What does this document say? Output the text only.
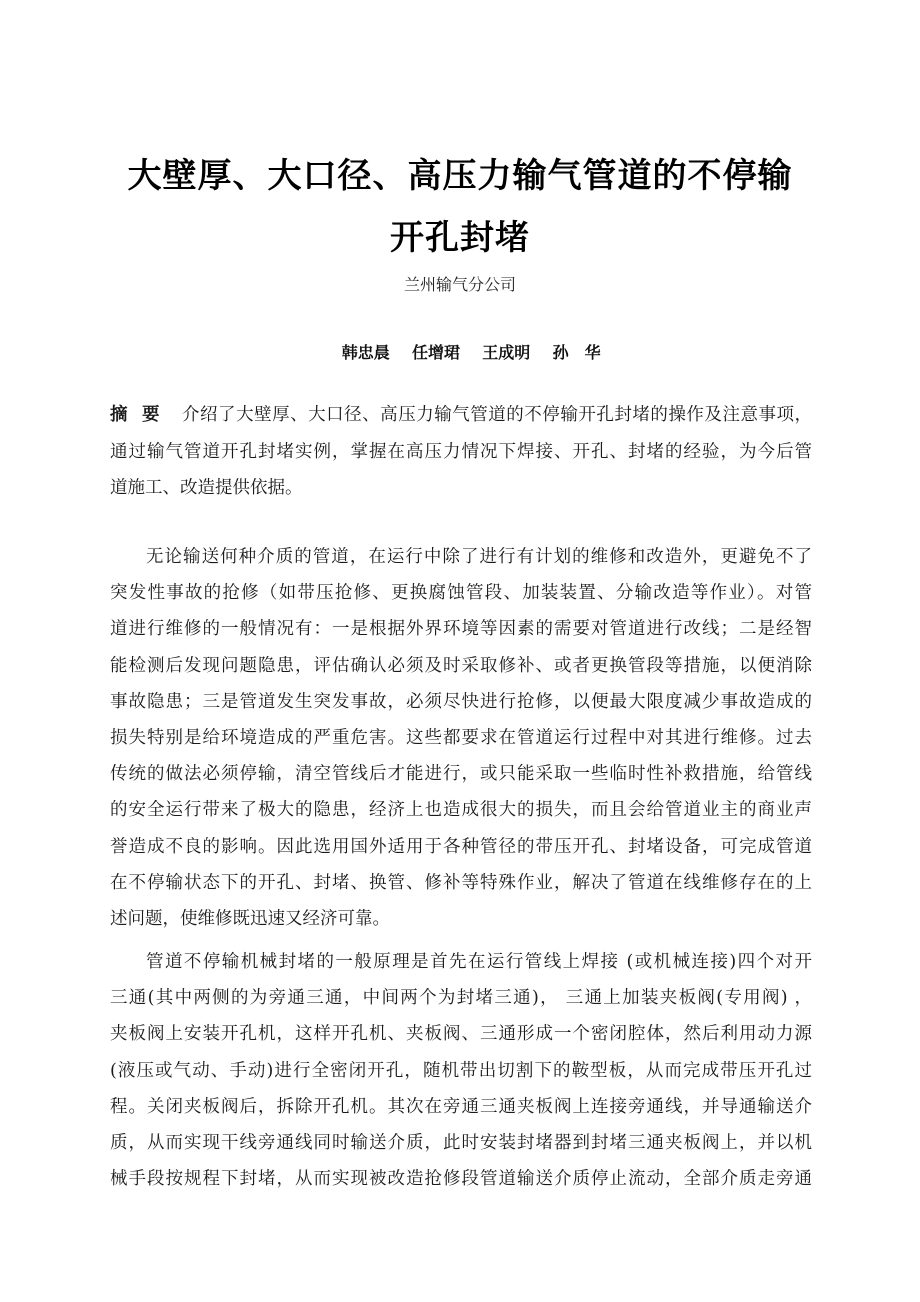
大壁厚、大口径、高压力输气管道的不停输
开孔封堵
兰州输气分公司

韩忠晨 任增珺 王成明 孙　华

摘要 介绍了大壁厚、大口径、高压力输气管道的不停输开孔封堵的操作及注意事项，
通过输气管道开孔封堵实例，掌握在高压力情况下焊接、开孔、封堵的经验，为今后管
道施工、改造提供依据。
无论输送何种介质的管道，在运行中除了进行有计划的维修和改造外，更避免不了
突发性事故的抢修（如带压抢修、更换腐蚀管段、加装装置、分输改造等作业）。对管
道进行维修的一般情况有：一是根据外界环境等因素的需要对管道进行改线；二是经智
能检测后发现问题隐患，评估确认必须及时采取修补、或者更换管段等措施，以便消除
事故隐患；三是管道发生突发事故，必须尽快进行抢修，以便最大限度减少事故造成的
损失特别是给环境造成的严重危害。这些都要求在管道运行过程中对其进行维修。过去
传统的做法必须停输，清空管线后才能进行，或只能采取一些临时性补救措施，给管线
的安全运行带来了极大的隐患，经济上也造成很大的损失，而且会给管道业主的商业声
誉造成不良的影响。因此选用国外适用于各种管径的带压开孔、封堵设备，可完成管道
在不停输状态下的开孔、封堵、换管、修补等特殊作业，解决了管道在线维修存在的上
述问题，使维修既迅速又经济可靠。
管道不停输机械封堵的一般原理是首先在运行管线上焊接 (或机械连接)四个对开
三通(其中两侧的为旁通三通，中间两个为封堵三通)， 三通上加装夹板阀(专用阀) ，
夹板阀上安装开孔机，这样开孔机、夹板阀、三通形成一个密闭腔体，然后利用动力源
(液压或气动、手动)进行全密闭开孔，随机带出切割下的鞍型板，从而完成带压开孔过
程。关闭夹板阀后，拆除开孔机。其次在旁通三通夹板阀上连接旁通线，并导通输送介
质，从而实现干线旁通线同时输送介质，此时安装封堵器到封堵三通夹板阀上，并以机
械手段按规程下封堵，从而实现被改造抢修段管道输送介质停止流动，全部介质走旁通
